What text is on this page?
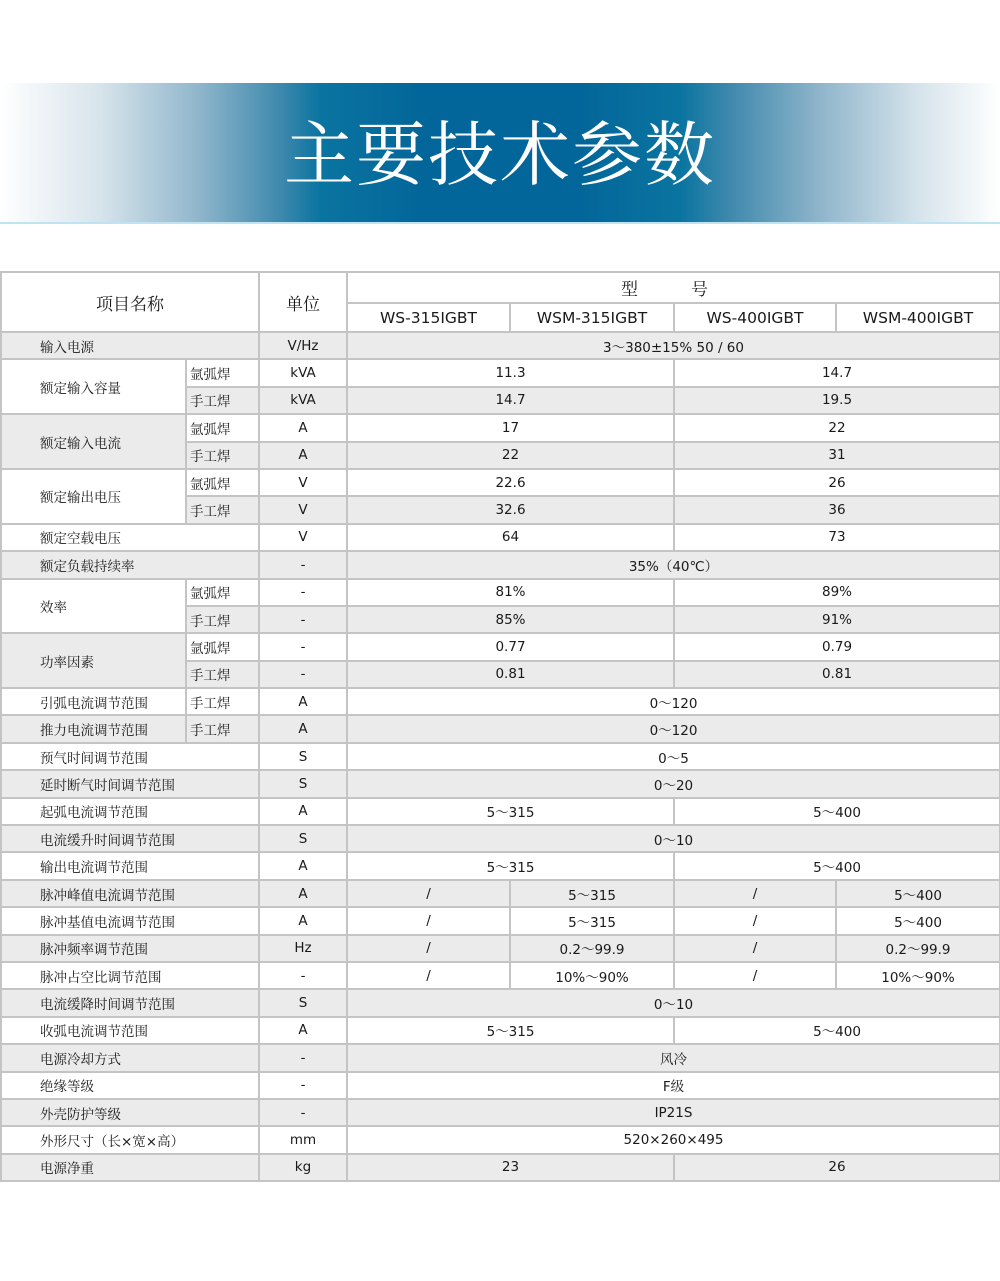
主要技术参数
项目名称		单位	型　号			
			WS-315IGBT	WSM-315IGBT	WS-400IGBT	WSM-400IGBT
输入电源		V/Hz	3～380±15% 50 / 60			
额定输入容量	氩弧焊	kVA	11.3		14.7	
	手工焊	kVA	14.7		19.5	
额定输入电流	氩弧焊	A	17		22	
	手工焊	A	22		31	
额定输出电压	氩弧焊	V	22.6		26	
	手工焊	V	32.6		36	
额定空载电压		V	64		73	
额定负载持续率		-	35%（40℃）			
效率	氩弧焊	-	81%		89%	
	手工焊	-	85%		91%	
功率因素	氩弧焊	-	0.77		0.79	
	手工焊	-	0.81		0.81	
引弧电流调节范围	手工焊	A	0～120			
推力电流调节范围	手工焊	A	0～120			
预气时间调节范围		S	0～5			
延时断气时间调节范围		S	0～20			
起弧电流调节范围		A	5～315		5～400	
电流缓升时间调节范围		S	0～10			
输出电流调节范围		A	5～315		5～400	
脉冲峰值电流调节范围		A	/	5～315	/	5～400
脉冲基值电流调节范围		A	/	5～315	/	5～400
脉冲频率调节范围		Hz	/	0.2～99.9	/	0.2～99.9
脉冲占空比调节范围		-	/	10%～90%	/	10%～90%
电流缓降时间调节范围		S	0～10			
收弧电流调节范围		A	5～315		5～400	
电源冷却方式		-	风冷			
绝缘等级		-	F级			
外壳防护等级		-	IP21S			
外形尺寸（长×宽×高）		mm	520×260×495			
电源净重		kg	23		26	
